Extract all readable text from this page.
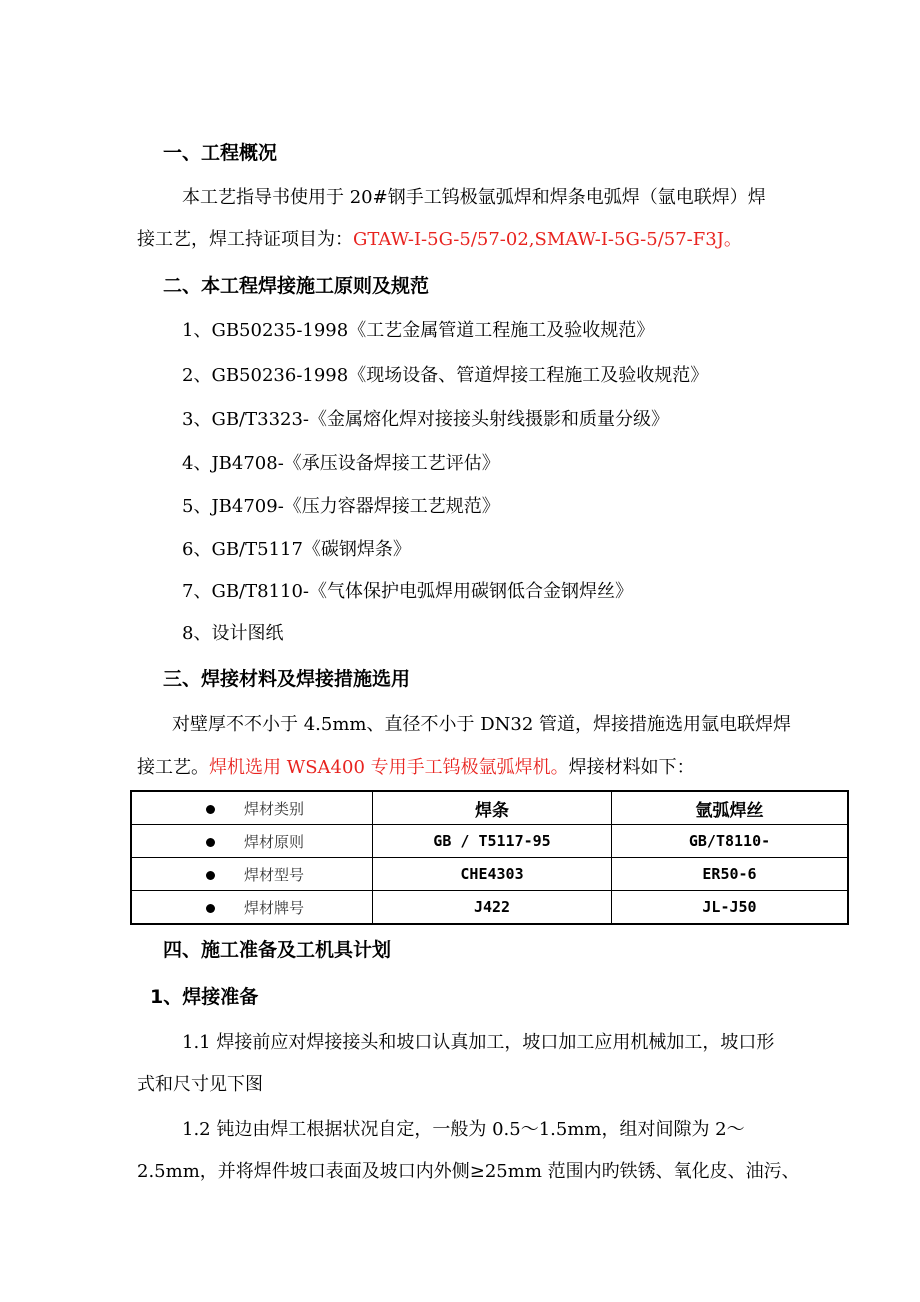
一、工程概况
本工艺指导书使用于 20#钢手工钨极氩弧焊和焊条电弧焊（氩电联焊）焊
接工艺，焊工持证项目为：GTAW-I-5G-5/57-02,SMAW-I-5G-5/57-F3J。
二、本工程焊接施工原则及规范
1、GB50235-1998《工艺金属管道工程施工及验收规范》
2、GB50236-1998《现场设备、管道焊接工程施工及验收规范》
3、GB/T3323-《金属熔化焊对接接头射线摄影和质量分级》
4、JB4708-《承压设备焊接工艺评估》
5、JB4709-《压力容器焊接工艺规范》
6、GB/T5117《碳钢焊条》
7、GB/T8110-《气体保护电弧焊用碳钢低合金钢焊丝》
8、设计图纸
三、焊接材料及焊接措施选用
对壁厚不不小于 4.5mm、直径不小于 DN32 管道，焊接措施选用氩电联焊焊
接工艺。焊机选用 WSA400 专用手工钨极氩弧焊机。焊接材料如下：
焊材类别	焊条	氩弧焊丝
焊材原则	GB / T5117-95	GB/T8110-
焊材型号	CHE4303	ER50-6
焊材牌号	J422	JL-J50
四、施工准备及工机具计划
1、焊接准备
1.1 焊接前应对焊接接头和坡口认真加工，坡口加工应用机械加工，坡口形
式和尺寸见下图
1.2 钝边由焊工根据状况自定，一般为 0.5～1.5mm，组对间隙为 2～
2.5mm，并将焊件坡口表面及坡口内外侧≥25mm 范围内旳铁锈、氧化皮、油污、
